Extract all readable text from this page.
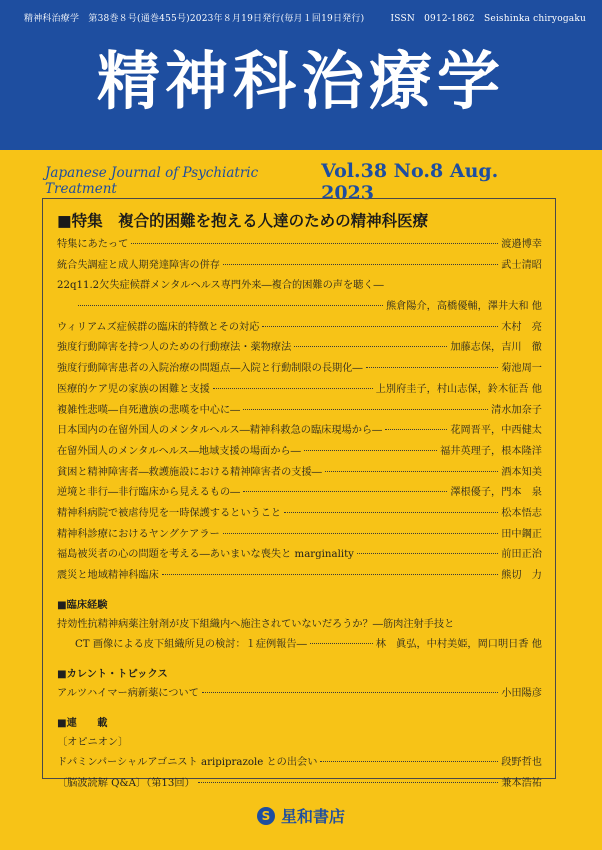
精神科治療学　第38巻８号(通巻455号)2023年８月19日発行(毎月１回19日発行)	ISSN　0912-1862　Seishinka chiryogaku
精神科治療学
Japanese Journal of Psychiatric Treatment
Vol.38 No.8 Aug. 2023
■特集　複合的困難を抱える人達のための精神科医療
特集にあたって	渡邉博幸
統合失調症と成人期発達障害の併存	武士清昭
22q11.2欠失症候群メンタルヘルス専門外来―複合的困難の声を聴く―
熊倉陽介，高橋優輔，澤井大和 他
ウィリアムズ症候群の臨床的特徴とその対応	木村　亮
強度行動障害を持つ人のための行動療法・薬物療法	加藤志保，吉川　徹
強度行動障害患者の入院治療の問題点―入院と行動制限の長期化―	菊池周一
医療的ケア児の家族の困難と支援	上別府圭子，村山志保，鈴木征吾 他
複雑性悲嘆―自死遺族の悲嘆を中心に―	清水加奈子
日本国内の在留外国人のメンタルヘルス―精神科救急の臨床現場から―	花岡晋平，中西健太
在留外国人のメンタルヘルス―地域支援の場面から―	福井英理子，根本隆洋
貧困と精神障害者―救護施設における精神障害者の支援―	酒本知美
逆境と非行―非行臨床から見えるもの―	澤根優子，門本　泉
精神科病院で被虐待児を一時保護するということ	松本悟志
精神科診療におけるヤングケアラー	田中鋼正
福島被災者の心の問題を考える―あいまいな喪失と marginality	前田正治
震災と地域精神科臨床	熊切　力
■臨床経験
持効性抗精神病薬注射剤が皮下組織内へ施注されていないだろうか？―筋肉注射手技と
CT 画像による皮下組織所見の検討：１症例報告―	林　眞弘，中村美姫，岡口明日香 他
■カレント・トピックス
アルツハイマー病新薬について	小田陽彦
■連　　載
〔オピニオン〕
ドパミンパーシャルアゴニスト aripiprazole との出会い	段野哲也
〔脳波読解 Q&A〕（第13回）	兼本浩祐
S 星和書店
